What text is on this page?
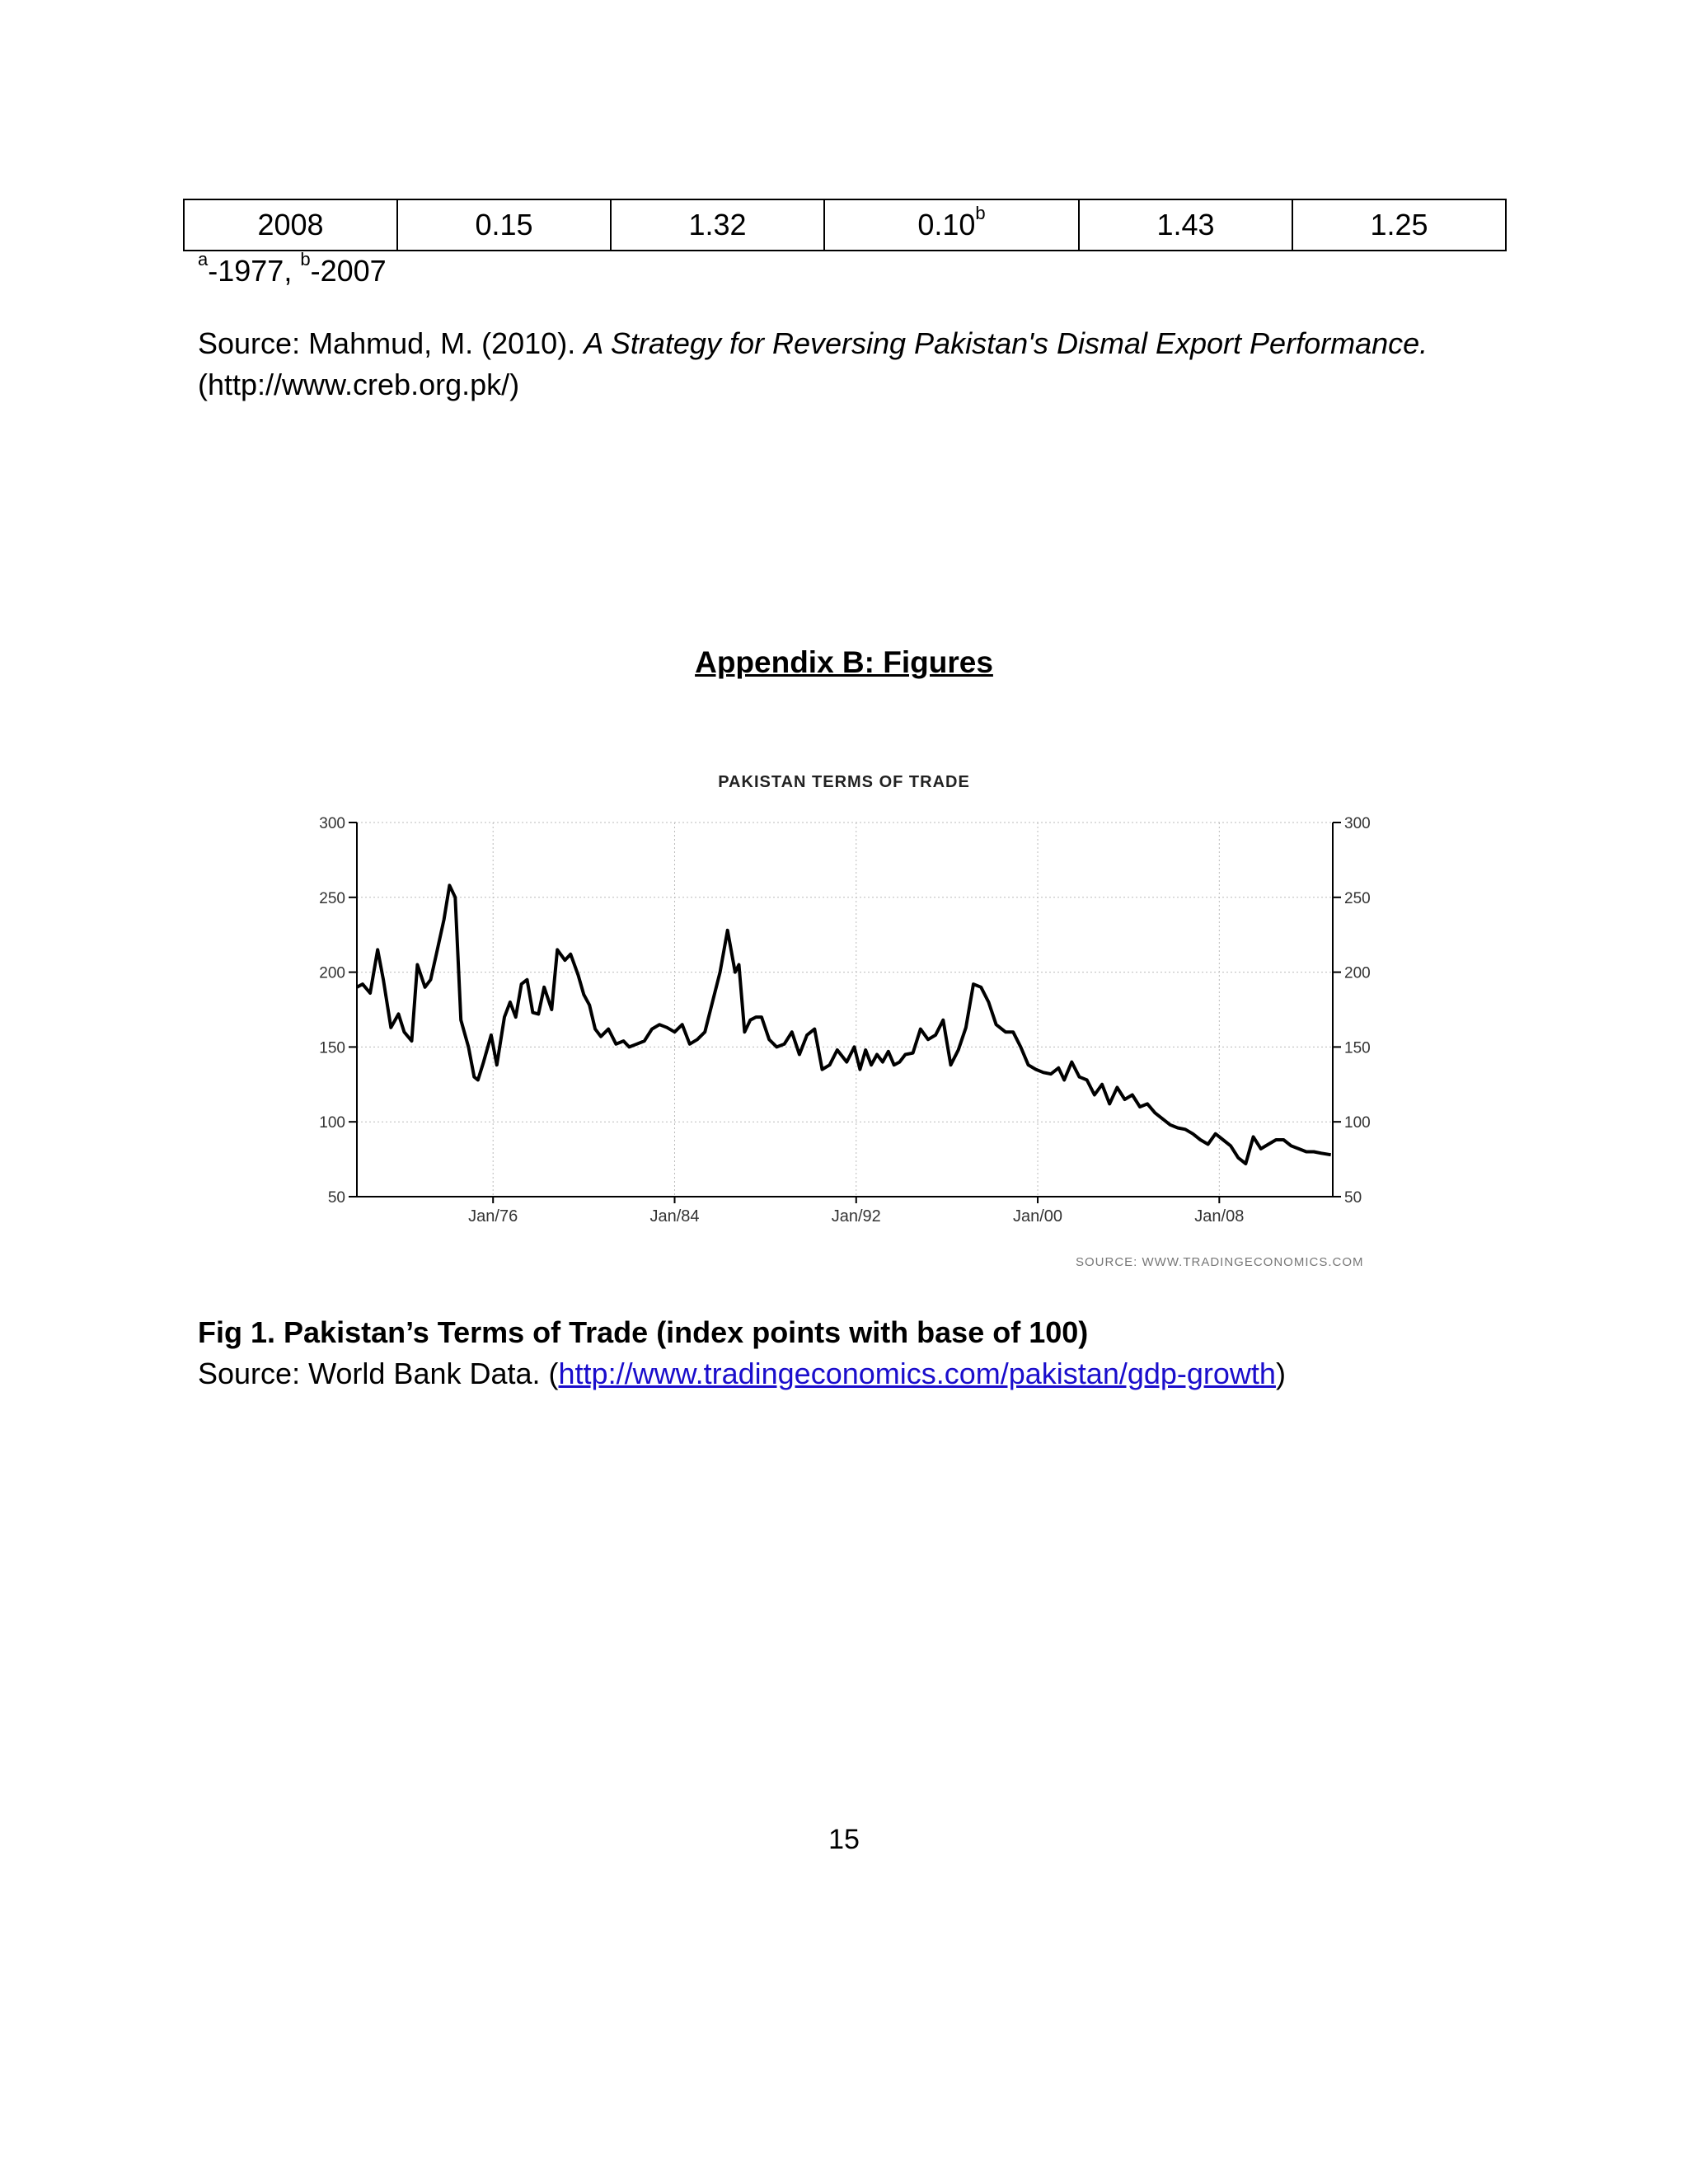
2008	0.15	1.32	0.10$^b$	1.43	1.25
$^a$-1977, $^b$-2007
Source: Mahmud, M. (2010). A Strategy for Reversing Pakistan's Dismal Export Performance.
(http://www.creb.org.pk/)
Appendix B: Figures
PAKISTAN TERMS OF TRADE
300	300
250	250
200	200
150	150
100	100
50	50
Jan/76	Jan/84	Jan/92	Jan/00	Jan/08
SOURCE: WWW.TRADINGECONOMICS.COM
Fig 1. Pakistan’s Terms of Trade (index points with base of 100)
Source: World Bank Data. (http://www.tradingeconomics.com/pakistan/gdp-growth)
15
